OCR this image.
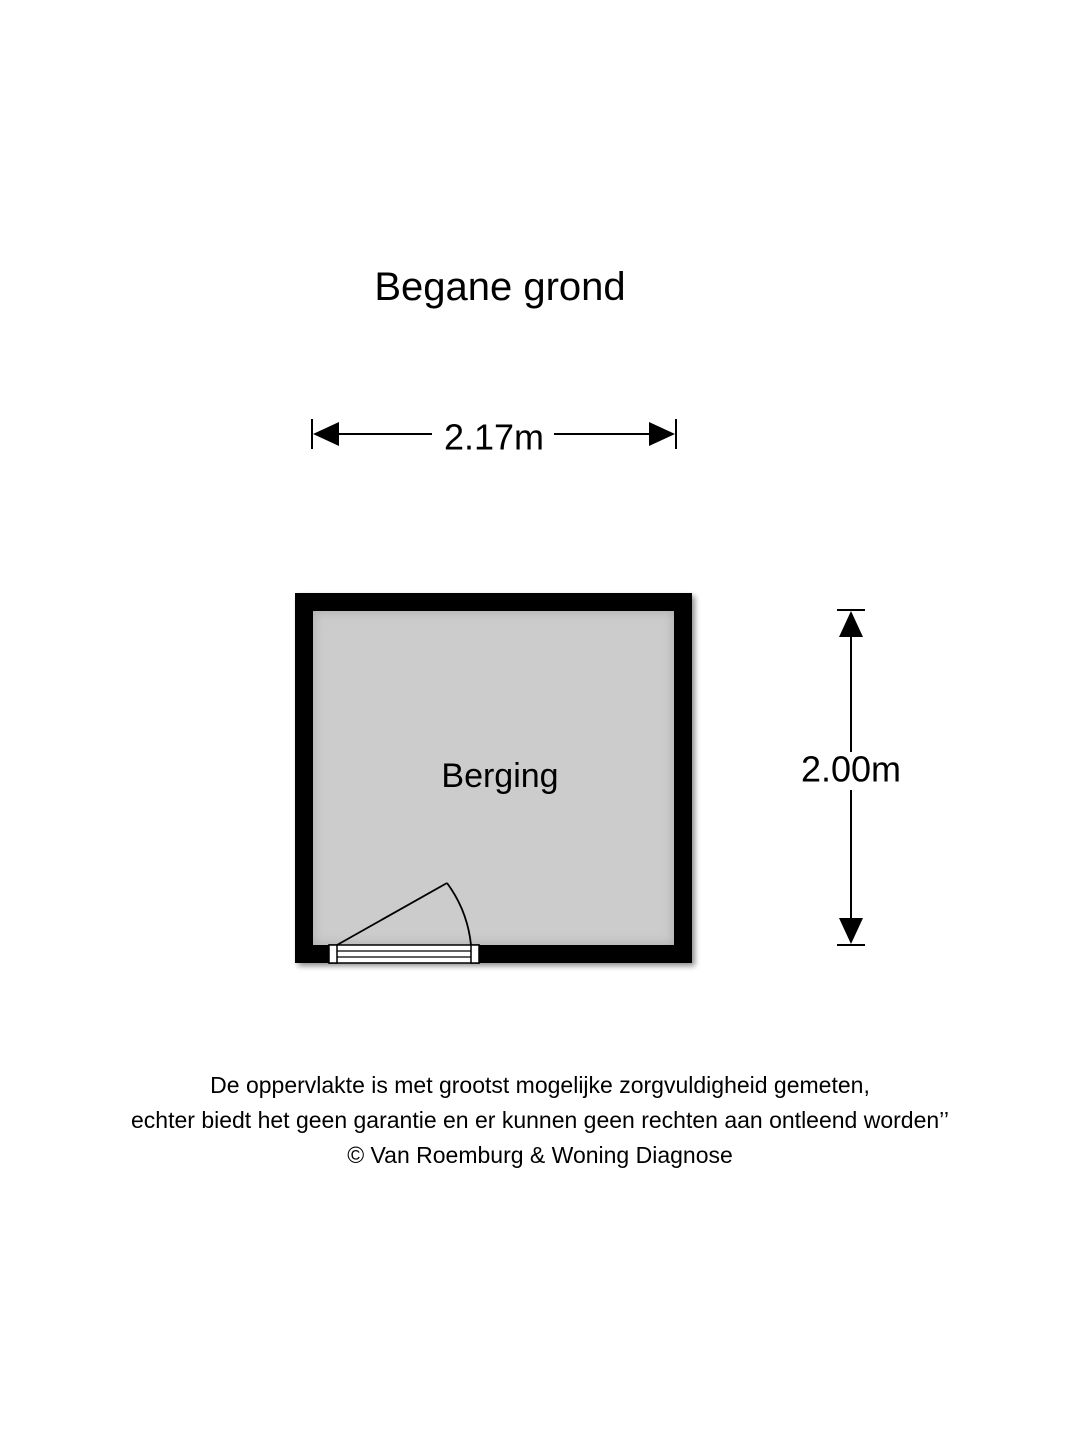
Begane grond
2.17m
Berging	2.00m
De oppervlakte is met grootst mogelijke zorgvuldigheid gemeten,
echter biedt het geen garantie en er kunnen geen rechten aan ontleend worden’’
© Van Roemburg & Woning Diagnose
